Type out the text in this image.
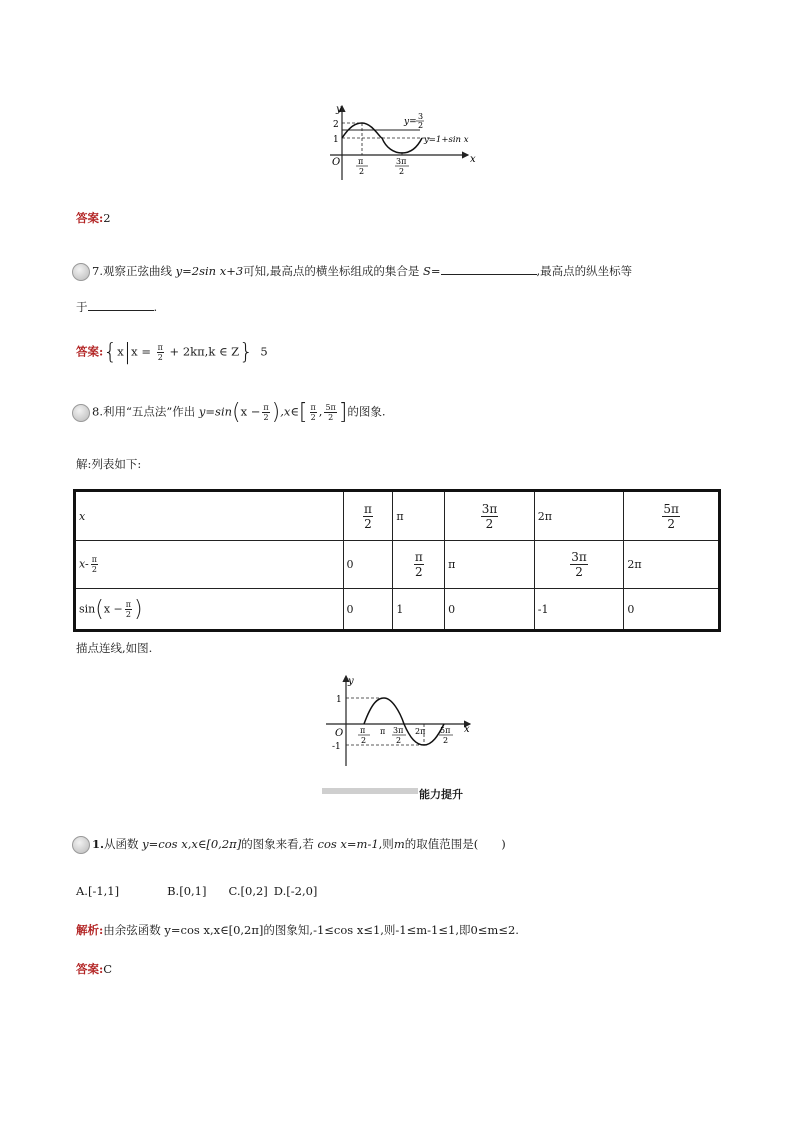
y
x
O
2
1
π
2
3π
2
y=
3
2
y=1+sin x
答案:2
7.观察正弦曲线 y=2sin x+3可知,最高点的横坐标组成的集合是 S=	,最高点的纵坐标等
于	.
答案:{x|x = $\frac{\pi}{2} + 2k\pi,k$ ∈ Z} 5
8.利用“五点法”作出 $y=\sin(x - \frac{\pi}{2}$ ),x∈[ $\frac{\pi}{2}$ , $\frac{5\pi}{2}$ ]的图象.
解:列表如下:
x	$\frac{\pi}{2}$	π	$\frac{3\pi}{2}$	2π	$\frac{5\pi}{2}$

$x- \frac{\pi}{2}$	0	$\frac{\pi}{2}$	π	$\frac{3\pi}{2}$	2π
$\sin(x - \frac{\pi}{2}$ )	0	1	0	-1	0
描点连线,如图.
y
x
O
1
-1
π
2
π 3π
2
2π 5π
2
能力提升
1.从函数 y=cos x,x∈[0,2π]的图象来看,若 cos x=m-1,则m的取值范围是(　　)
A.[-1,1]	B.[0,1] C.[0,2] D.[-2,0]
解析:由余弦函数 y=cos x,x∈[0,2π]的图象知,-1≤cos x≤1,则-1≤m-1≤1,即0≤m≤2.
答案:C
